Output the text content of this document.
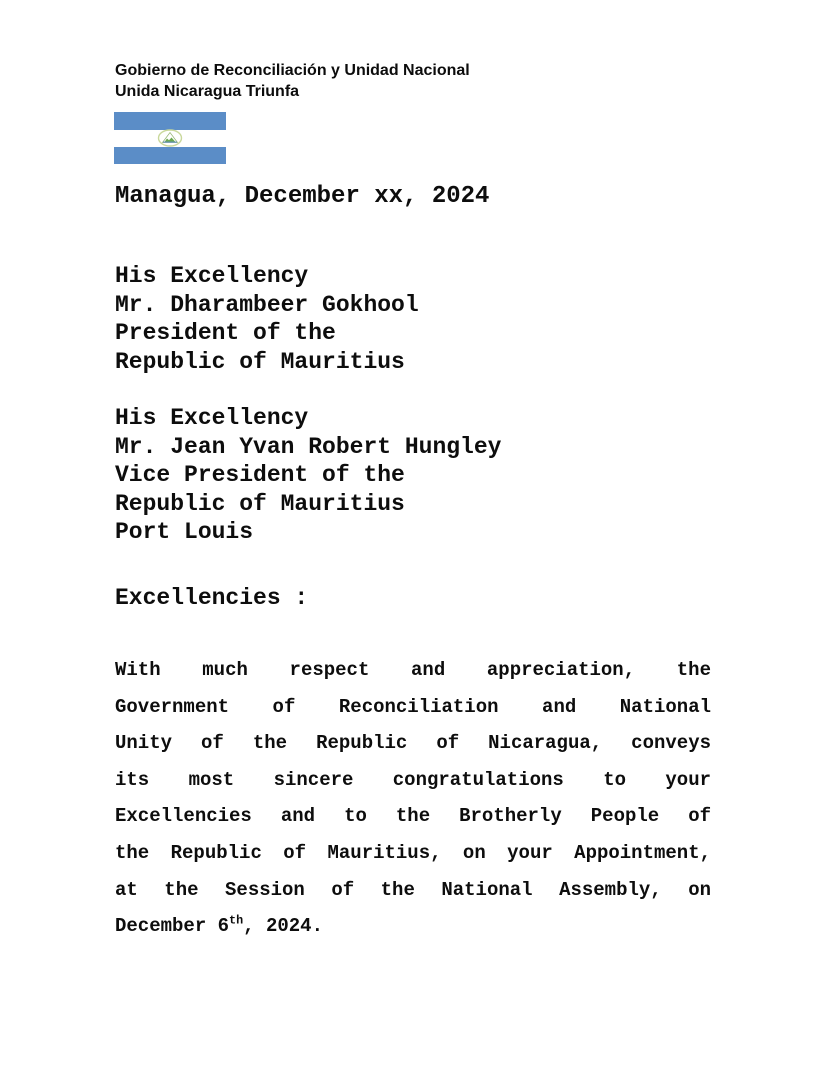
Gobierno de Reconciliación y Unidad Nacional
Unida Nicaragua Triunfa
Managua, December xx, 2024
His Excellency
Mr. Dharambeer Gokhool
President of the
Republic of Mauritius
His Excellency
Mr. Jean Yvan Robert Hungley
Vice President of the
Republic of Mauritius
Port Louis
Excellencies :
With much respect and appreciation, the
Government of Reconciliation and National
Unity of the Republic of Nicaragua, conveys
its most sincere congratulations to your
Excellencies and to the Brotherly People of
the Republic of Mauritius, on your Appointment,
at the Session of the National Assembly, on
December 6th, 2024.
